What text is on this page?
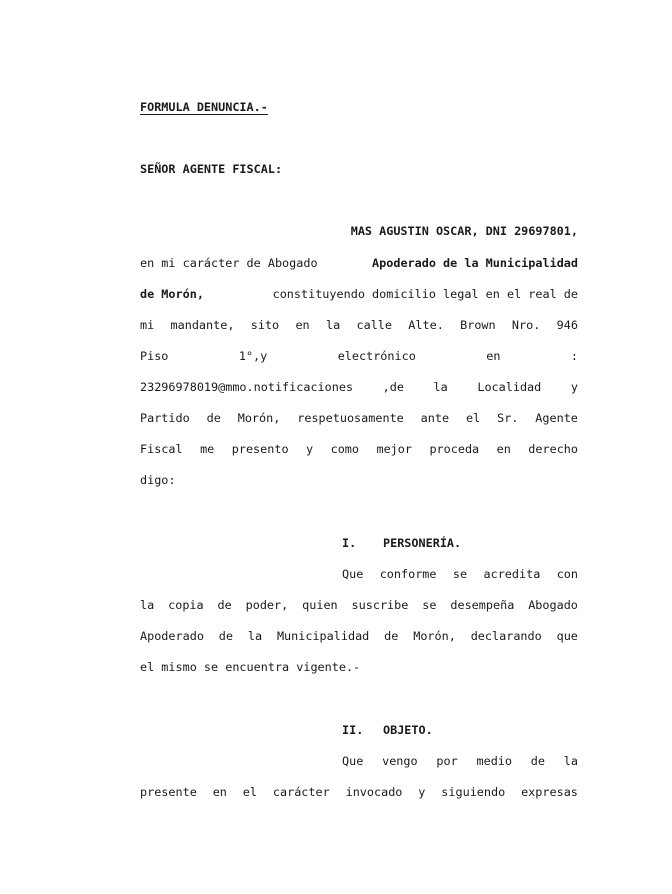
FORMULA DENUNCIA.-
SEÑOR AGENTE FISCAL:
MAS AGUSTIN OSCAR, DNI 29697801,
en mi carácter de Abogado	Apoderado de la Municipalidad
de Morón,	constituyendo domicilio legal en el real de
mi mandante, sito en la calle Alte. Brown Nro. 946
Piso	1°,y	electrónico	en	:
23296978019@mmo.notificaciones	,de	la	Localidad	y
Partido de Morón, respetuosamente ante el Sr. Agente
Fiscal me presento y como mejor proceda en derecho
digo:
I. PERSONERÍA.
Que conforme se acredita con
la copia de poder, quien suscribe se desempeña Abogado
Apoderado de la Municipalidad de Morón, declarando que
el mismo se encuentra vigente.-
II. OBJETO.
Que vengo por medio de la
presente en el carácter invocado y siguiendo expresas
